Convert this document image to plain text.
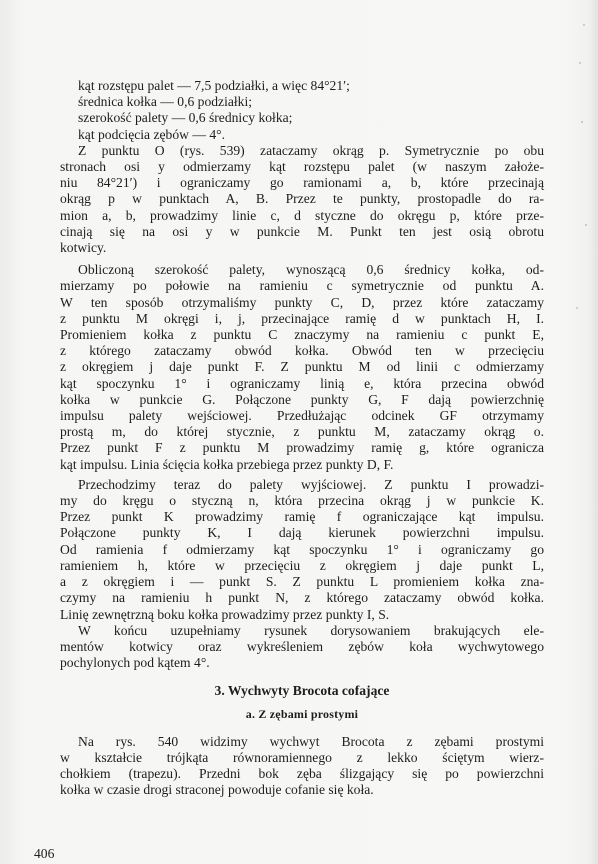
kąt rozstępu palet — 7,5 podziałki, a więc 84°21′;

średnica kołka — 0,6 podziałki;

szerokość palety — 0,6 średnicy kołka;

kąt podcięcia zębów — 4°.

Z punktu O (rys. 539) zataczamy okrąg p. Symetrycznie po obu

stronach osi y odmierzamy kąt rozstępu palet (w naszym założe-

niu 84°21′) i ograniczamy go ramionami a, b, które przecinają

okrąg p w punktach A, B. Przez te punkty, prostopadle do ra-

mion a, b, prowadzimy linie c, d styczne do okręgu p, które prze-

cinają się na osi y w punkcie M. Punkt ten jest osią obrotu

kotwicy.

Obliczoną szerokość palety, wynoszącą 0,6 średnicy kołka, od-

mierzamy po połowie na ramieniu c symetrycznie od punktu A.

W ten sposób otrzymaliśmy punkty C, D, przez które zataczamy

z punktu M okręgi i, j, przecinające ramię d w punktach H, I.

Promieniem kołka z punktu C znaczymy na ramieniu c punkt E,

z którego zataczamy obwód kołka. Obwód ten w przecięciu

z okręgiem j daje punkt F. Z punktu M od linii c odmierzamy

kąt spoczynku 1° i ograniczamy linią e, która przecina obwód

kołka w punkcie G. Połączone punkty G, F dają powierzchnię

impulsu palety wejściowej. Przedłużając odcinek GF otrzymamy

prostą m, do której stycznie, z punktu M, zataczamy okrąg o.

Przez punkt F z punktu M prowadzimy ramię g, które ogranicza

kąt impulsu. Linia ścięcia kołka przebiega przez punkty D, F.

Przechodzimy teraz do palety wyjściowej. Z punktu I prowadzi-

my do kręgu o styczną n, która przecina okrąg j w punkcie K.

Przez punkt K prowadzimy ramię f ograniczające kąt impulsu.

Połączone punkty K, I dają kierunek powierzchni impulsu.

Od ramienia f odmierzamy kąt spoczynku 1° i ograniczamy go

ramieniem h, które w przecięciu z okręgiem j daje punkt L,

a z okręgiem i — punkt S. Z punktu L promieniem kołka zna-

czymy na ramieniu h punkt N, z którego zataczamy obwód kołka.

Linię zewnętrzną boku kołka prowadzimy przez punkty I, S.

W końcu uzupełniamy rysunek dorysowaniem brakujących ele-

mentów kotwicy oraz wykreśleniem zębów koła wychwytowego

pochylonych pod kątem 4°.

3. Wychwyty Brocota cofające
a. Z zębami prostymi

Na rys. 540 widzimy wychwyt Brocota z zębami prostymi

w kształcie trójkąta równoramiennego z lekko ściętym wierz-

chołkiem (trapezu). Przedni bok zęba ślizgający się po powierzchni

kołka w czasie drogi straconej powoduje cofanie się koła.

406
